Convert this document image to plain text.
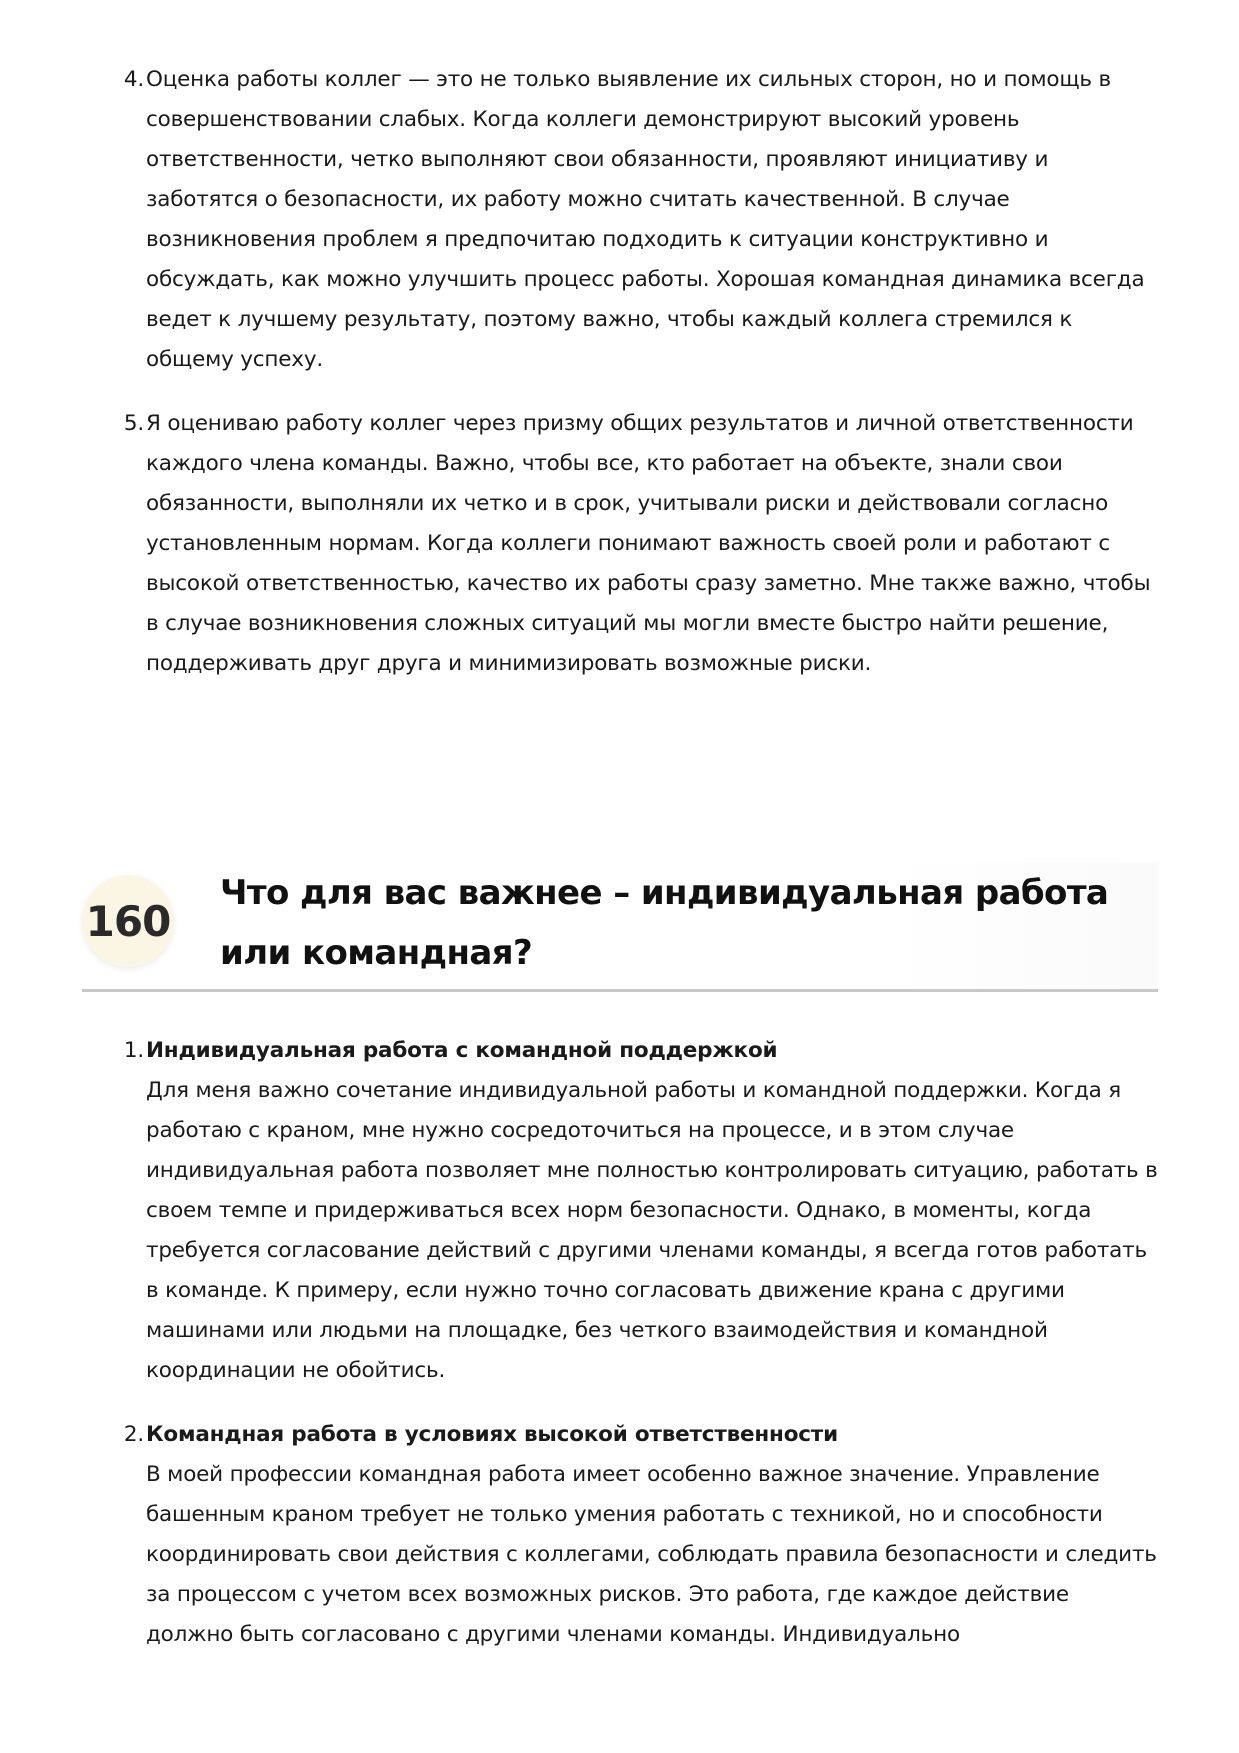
4. Оценка работы коллег — это не только выявление их сильных сторон, но и помощь в совершенствовании слабых. Когда коллеги демонстрируют высокий уровень ответственности, четко выполняют свои обязанности, проявляют инициативу и заботятся о безопасности, их работу можно считать качественной. В случае возникновения проблем я предпочитаю подходить к ситуации конструктивно и обсуждать, как можно улучшить процесс работы. Хорошая командная динамика всегда ведет к лучшему результату, поэтому важно, чтобы каждый коллега стремился к общему успеху.
5. Я оцениваю работу коллег через призму общих результатов и личной ответственности каждого члена команды. Важно, чтобы все, кто работает на объекте, знали свои обязанности, выполняли их четко и в срок, учитывали риски и действовали согласно установленным нормам. Когда коллеги понимают важность своей роли и работают с высокой ответственностью, качество их работы сразу заметно. Мне также важно, чтобы в случае возникновения сложных ситуаций мы могли вместе быстро найти решение, поддерживать друг друга и минимизировать возможные риски.
160
Что для вас важнее – индивидуальная работа или командная?
1. Индивидуальная работа с командной поддержкой
Для меня важно сочетание индивидуальной работы и командной поддержки. Когда я работаю с краном, мне нужно сосредоточиться на процессе, и в этом случае индивидуальная работа позволяет мне полностью контролировать ситуацию, работать в своем темпе и придерживаться всех норм безопасности. Однако, в моменты, когда требуется согласование действий с другими членами команды, я всегда готов работать в команде. К примеру, если нужно точно согласовать движение крана с другими машинами или людьми на площадке, без четкого взаимодействия и командной координации не обойтись.
2. Командная работа в условиях высокой ответственности
В моей профессии командная работа имеет особенно важное значение. Управление башенным краном требует не только умения работать с техникой, но и способности координировать свои действия с коллегами, соблюдать правила безопасности и следить за процессом с учетом всех возможных рисков. Это работа, где каждое действие должно быть согласовано с другими членами команды. Индивидуально
